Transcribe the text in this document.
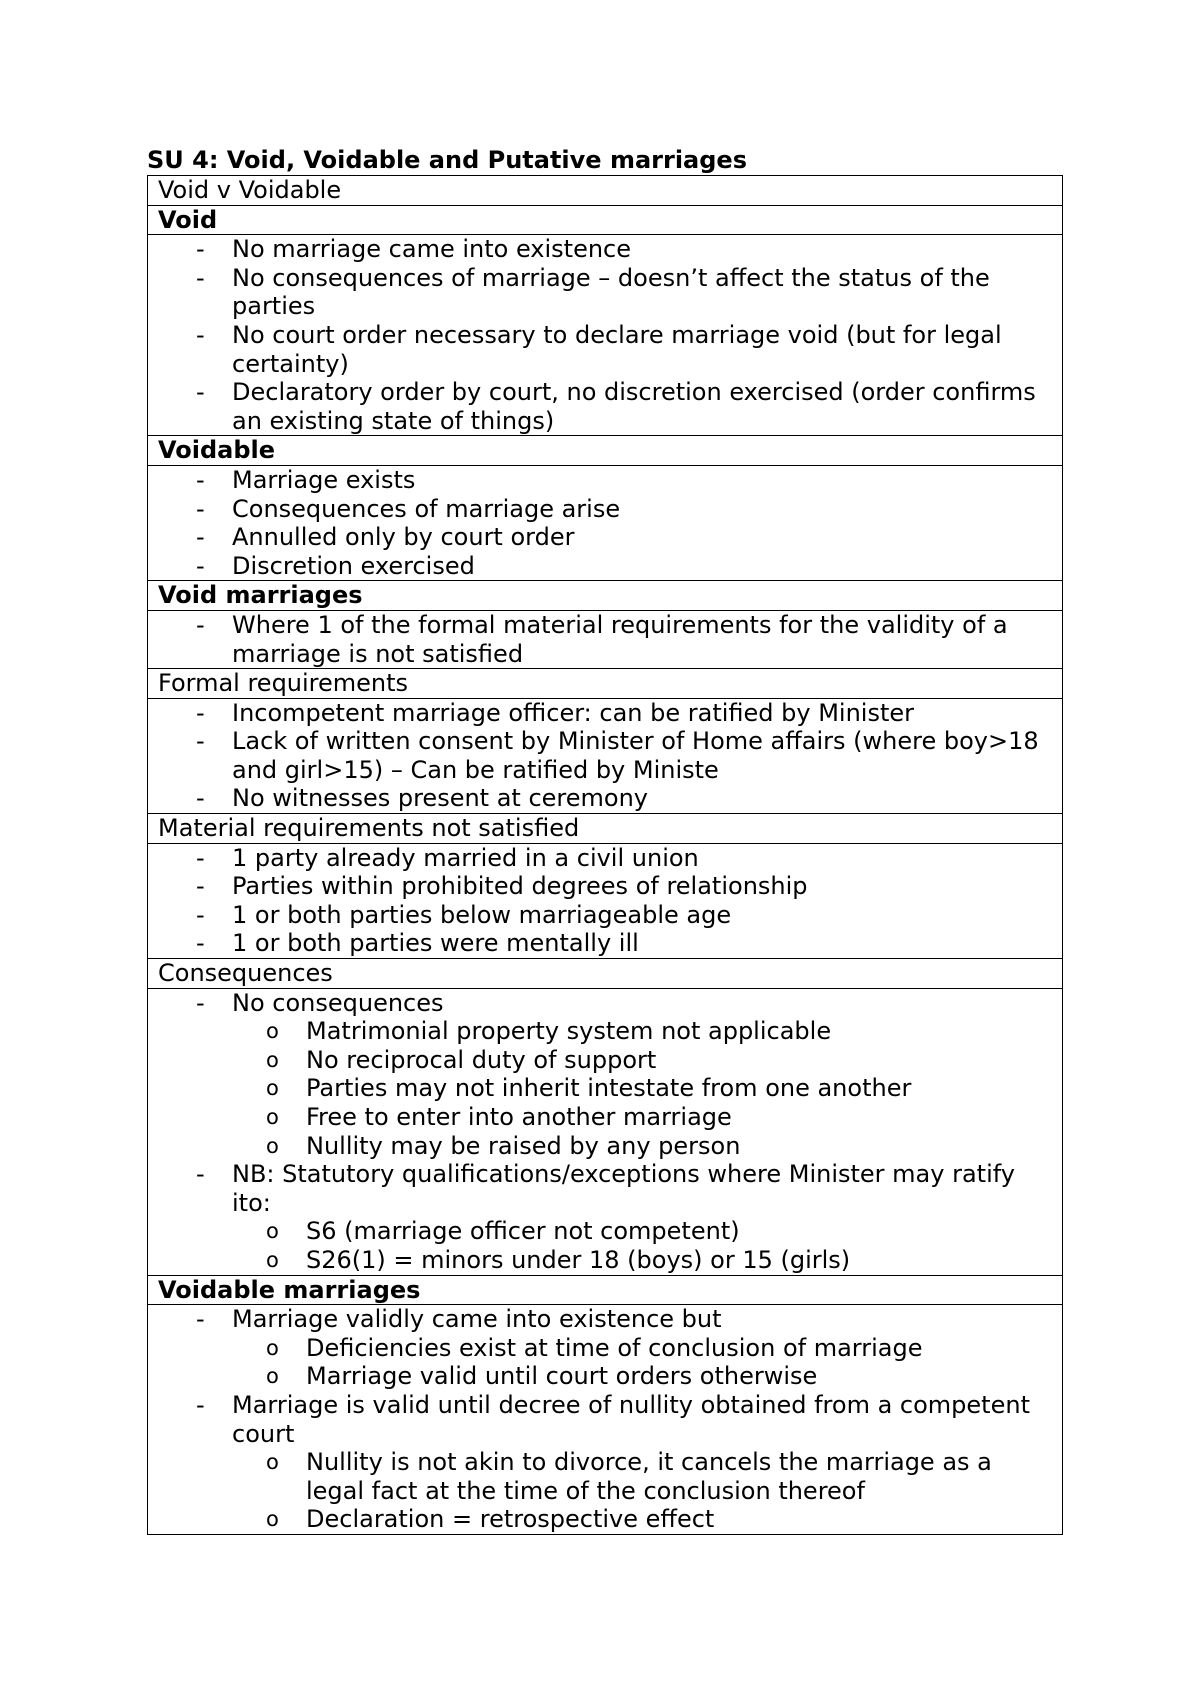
SU 4: Void, Voidable and Putative marriages
Void v Voidable
Void

- No marriage came into existence
- No consequences of marriage – doesn’t affect the status of the parties
- No court order necessary to declare marriage void (but for legal certainty)
- Declaratory order by court, no discretion exercised (order confirms an existing state of things)

Voidable

- Marriage exists
- Consequences of marriage arise
- Annulled only by court order
- Discretion exercised

Void marriages

- Where 1 of the formal material requirements for the validity of a marriage is not satisfied

Formal requirements

- Incompetent marriage officer: can be ratified by Minister
- Lack of written consent by Minister of Home affairs (where boy>18 and girl>15) – Can be ratified by Ministe
- No witnesses present at ceremony

Material requirements not satisfied

- 1 party already married in a civil union
- Parties within prohibited degrees of relationship
- 1 or both parties below marriageable age
- 1 or both parties were mentally ill

Consequences

- No consequences
o Matrimonial property system not applicable
o No reciprocal duty of support
o Parties may not inherit intestate from one another
o Free to enter into another marriage
o Nullity may be raised by any person
- NB: Statutory qualifications/exceptions where Minister may ratify ito:
o S6 (marriage officer not competent)
o S26(1) = minors under 18 (boys) or 15 (girls)

Voidable marriages

- Marriage validly came into existence but
o Deficiencies exist at time of conclusion of marriage
o Marriage valid until court orders otherwise
- Marriage is valid until decree of nullity obtained from a competent court
o Nullity is not akin to divorce, it cancels the marriage as a legal fact at the time of the conclusion thereof
o Declaration = retrospective effect
